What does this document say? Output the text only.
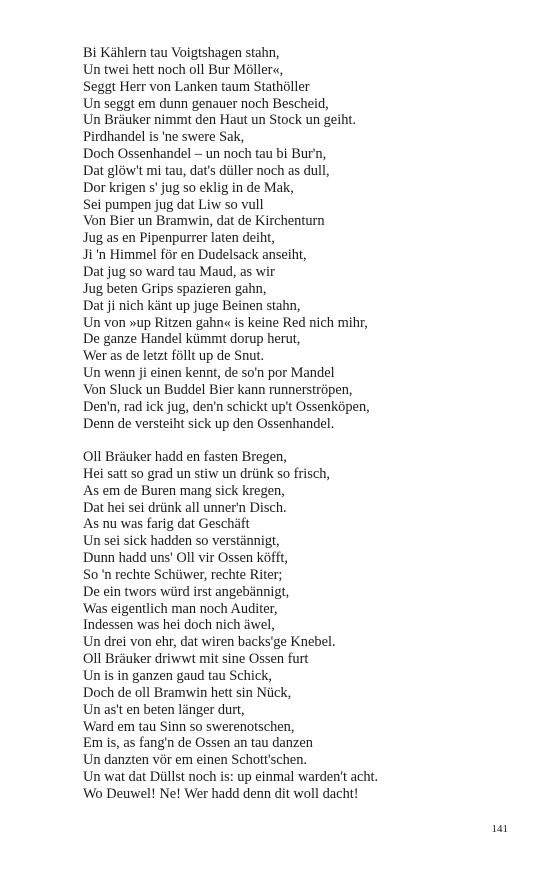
Bi Kählern tau Voigtshagen stahn,
Un twei hett noch oll Bur Möller«,
Seggt Herr von Lanken taum Stathöller
Un seggt em dunn genauer noch Bescheid,
Un Bräuker nimmt den Haut un Stock un geiht.
Pirdhandel is 'ne swere Sak,
Doch Ossenhandel – un noch tau bi Bur'n,
Dat glöw't mi tau, dat's düller noch as dull,
Dor krigen s' jug so eklig in de Mak,
Sei pumpen jug dat Liw so vull
Von Bier un Bramwin, dat de Kirchenturn
Jug as en Pipenpurrer laten deiht,
Ji 'n Himmel för en Dudelsack anseiht,
Dat jug so ward tau Maud, as wir
Jug beten Grips spazieren gahn,
Dat ji nich känt up juge Beinen stahn,
Un von »up Ritzen gahn« is keine Red nich mihr,
De ganze Handel kümmt dorup herut,
Wer as de letzt föllt up de Snut.
Un wenn ji einen kennt, de so'n por Mandel
Von Sluck un Buddel Bier kann runnerströpen,
Den'n, rad ick jug, den'n schickt up't Ossenköpen,
Denn de versteiht sick up den Ossenhandel.
Oll Bräuker hadd en fasten Bregen,
Hei satt so grad un stiw un drünk so frisch,
As em de Buren mang sick kregen,
Dat hei sei drünk all unner'n Disch.
As nu was farig dat Geschäft
Un sei sick hadden so verstännigt,
Dunn hadd uns' Oll vir Ossen köfft,
So 'n rechte Schüwer, rechte Riter;
De ein twors würd irst angebännigt,
Was eigentlich man noch Auditer,
Indessen was hei doch nich äwel,
Un drei von ehr, dat wiren backs'ge Knebel.
Oll Bräuker driwwt mit sine Ossen furt
Un is in ganzen gaud tau Schick,
Doch de oll Bramwin hett sin Nück,
Un as't en beten länger durt,
Ward em tau Sinn so swerenotschen,
Em is, as fang'n de Ossen an tau danzen
Un danzten vör em einen Schott'schen.
Un wat dat Düllst noch is: up einmal warden't acht.
Wo Deuwel! Ne! Wer hadd denn dit woll dacht!
141
